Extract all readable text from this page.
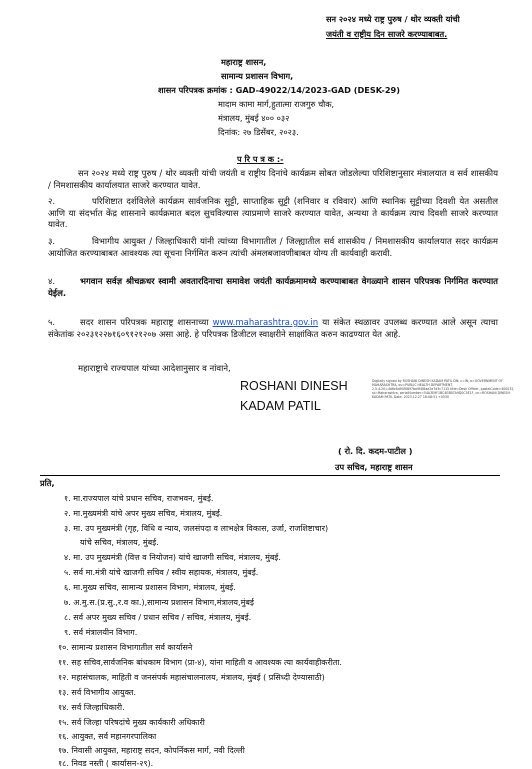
सन २०२४ मध्ये राष्ट्र पुरुष / थोर व्यक्ती यांची
जयंती व राष्ट्रीय दिन साजरे करण्याबाबत.
महाराष्ट्र शासन,
सामान्य प्रशासन विभाग,
शासन परिपत्रक क्रमांक : GAD-49022/14/2023-GAD (DESK-29)
मादाम कामा मार्ग,हुतात्मा राजगुरु चौक,
मंत्रालय, मुंबई ४०० ०३२
दिनांक: २७ डिसेंबर, २०२३.
प रि प त्र क :-
सन २०२४ मध्ये राष्ट्र पुरुष / थोर व्यक्ती यांची जयंती व राष्ट्रीय दिनांचे कार्यक्रम सोबत जोडलेल्या परिशिष्टानुसार मंत्रालयात व सर्व शासकीय / निमशासकीय कार्यालयात साजरे करण्यात यावेत.
२.	परिशिष्टात दर्शविलेले कार्यक्रम सार्वजनिक सुट्टी, साप्ताहिक सुट्टी (शनिवार व रविवार) आणि स्थानिक सुट्टीच्या दिवशी येत असतील आणि या संदर्भात केंद्र शासनाने कार्यक्रमात बदल सुचविल्यास त्याप्रमाणे साजरे करण्यात यावेत, अन्यथा ते कार्यक्रम त्याच दिवशी साजरे करण्यात यावेत.
३.	विभागीय आयुक्त / जिल्हाधिकारी यांनी त्यांच्या विभागातील / जिल्ह्यातील सर्व शासकीय / निमशासकीय कार्यालयात सदर कार्यक्रम आयोजित करण्याबाबत आवश्यक त्या सूचना निर्गमित करुन त्यांची अंमलबजावणीबाबत योग्य ती कार्यवाही करावी.
४.	भगवान सर्वज्ञ श्रीचक्रधर स्वामी अवतारदिनाचा समावेश जयंती कार्यक्रमामध्ये करण्याबाबत वेगळ्याने शासन परिपत्रक निर्गमित करण्यात येईल.
५.	सदर शासन परिपत्रक महाराष्ट्र शासनाच्या www.maharashtra.gov.in या संकेत स्थळावर उपलब्ध करण्यात आले असून त्याचा संकेतांक २०२३१२२७१६०९१२१२०७ असा आहे. हे परिपत्रक डिजीटल स्वाक्षरीने साक्षांकित करुन काढण्यात येत आहे.
महाराष्ट्राचे राज्यपाल यांच्या आदेशानुसार व नांवाने,
ROSHANI DINESH
KADAM PATIL
Digitally signed by ROSHANI DINESH KADAM PATIL DN: c=IN, o=GOVERNMENT OF MAHARASHTRA, ou=PUBLIC HEALTH DEPARTMENT, 2.5.4.20=4d6c6d94f9897ba9f4f8ae2e7d3c7115 title=Desk Officer, postalCode=400032, st=Maharashtra, serialNumber=54A3E9F1BC4E8B7A9D0C5E1F, cn=ROSHANI DINESH KADAM PATIL Date: 2023.12.27 16:08:51 +0530
( रो. दि. कदम-पाटील )
उप सचिव, महाराष्ट्र शासन
प्रति,
१. मा.राज्यपाल यांचे प्रधान सचिव, राजभवन, मुंबई.
२. मा.मुख्यमंत्री यांचे अपर मुख्य सचिव, मंत्रालय, मुंबई.
३. मा. उप मुख्यमंत्री (गृह, विधि व न्याय, जलसंपदा व लाभक्षेत्र विकास, उर्जा, राजशिष्टाचार)
यांचे सचिव, मंत्रालय, मुंबई.
४. मा. उप मुख्यमंत्री (वित्त व नियोजन) यांचे खाजगी सचिव, मंत्रालय, मुंबई.
५. सर्व मा.मंत्री यांचे खाजगी सचिव / स्वीय सहायक, मंत्रालय, मुंबई.
६. मा.मुख्य सचिव, सामान्य प्रशासन विभाग, मंत्रालय, मुंबई.
७. अ.मु.स.(प्र.सु.,र.व का.),सामान्य प्रशासन विभाग,मंत्रालय,मुंबई
८. सर्व अपर मुख्य सचिव / प्रधान सचिव / सचिव, मंत्रालय, मुंबई.
९. सर्व मंत्रालयीन विभाग.
१०. सामान्य प्रशासन विभागातील सर्व कार्यासने
११. सह सचिव,सार्वजनिक बांधकाम विभाग (प्रा-४), यांना माहिती व आवश्यक त्या कार्यवाहीकरीता.
१२. महासंचालक, माहिती व जनसंपर्क महासंचालनालय, मंत्रालय, मुंबई ( प्रसिध्दी देण्यासाठी)
१३. सर्व विभागीय आयुक्त.
१४. सर्व जिल्हाधिकारी.
१५. सर्व जिल्हा परिषदांचे मुख्य कार्यकारी अधिकारी
१६. आयुक्त, सर्व महानगरपालिका
१७. निवासी आयुक्त, महाराष्ट्र सदन, कोपर्निकस मार्ग, नवी दिल्ली
१८. निवड नस्ती ( कार्यासन-२९).
